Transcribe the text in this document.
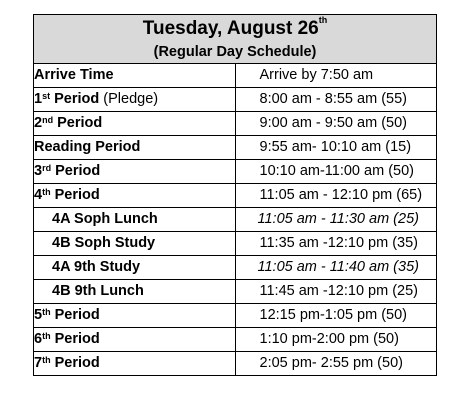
Tuesday, August 26th
(Regular Day Schedule)	

Arrive Time	Arrive by 7:50 am
1st Period (Pledge)	8:00 am - 8:55 am (55)
2nd Period	9:00 am - 9:50 am (50)
Reading Period	9:55 am- 10:10 am (15)
3rd Period	10:10 am-11:00 am (50)
4th Period	11:05 am - 12:10 pm (65)
4A Soph Lunch	11:05 am - 11:30 am (25)
4B Soph Study	11:35 am -12:10 pm (35)
4A 9th Study	11:05 am - 11:40 am (35)
4B 9th Lunch	11:45 am -12:10 pm (25)
5th Period	12:15 pm-1:05 pm (50)
6th Period	1:10 pm-2:00 pm (50)
7th Period	2:05 pm- 2:55 pm (50)
